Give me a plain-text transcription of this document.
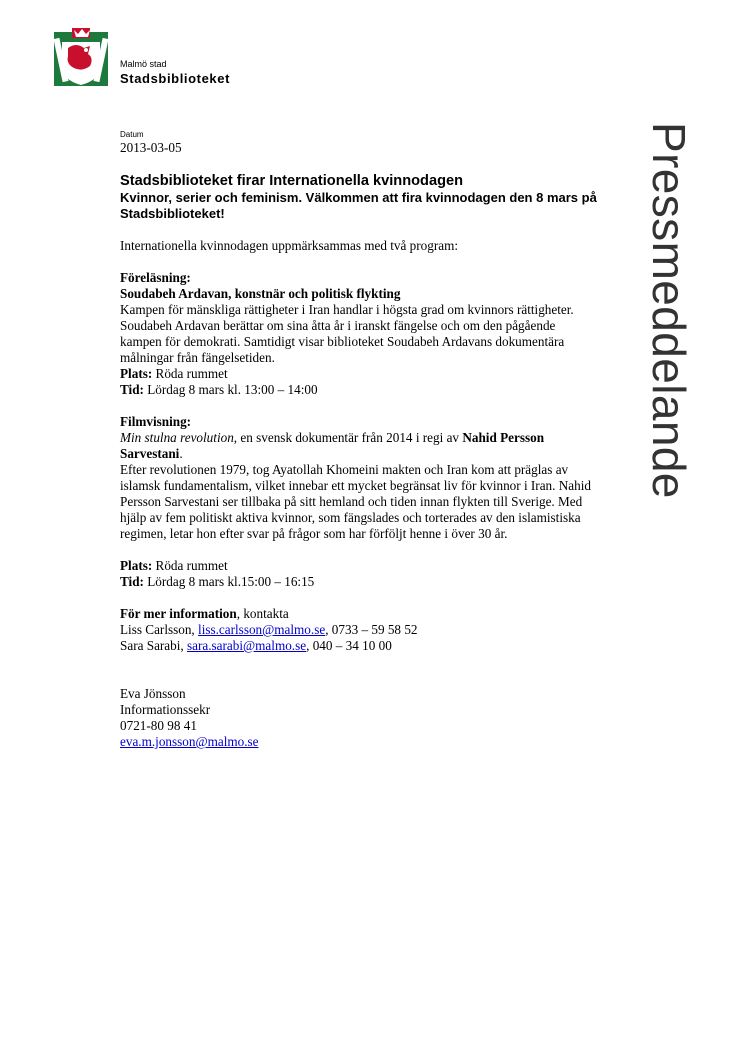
Malmö stad
Stadsbiblioteket
Pressmeddelande

Datum

2013-03-05

Stadsbiblioteket firar Internationella kvinnodagen

Kvinnor, serier och feminism. Välkommen att fira kvinnodagen den 8 mars på Stadsbiblioteket!

Internationella kvinnodagen uppmärksammas med två program:

Föreläsning:

Soudabeh Ardavan, konstnär och politisk flykting

Kampen för mänskliga rättigheter i Iran handlar i högsta grad om kvinnors rättigheter. Soudabeh Ardavan berättar om sina åtta år i iranskt fängelse och om den pågående kampen för demokrati. Samtidigt visar biblioteket Soudabeh Ardavans dokumentära målningar från fängelsetiden.

Plats: Röda rummet

Tid: Lördag 8 mars kl. 13:00 – 14:00

Filmvisning:

Min stulna revolution, en svensk dokumentär från 2014 i regi av Nahid Persson Sarvestani.

Efter revolutionen 1979, tog Ayatollah Khomeini makten och Iran kom att präglas av islamsk fundamentalism, vilket innebar ett mycket begränsat liv för kvinnor i Iran. Nahid Persson Sarvestani ser tillbaka på sitt hemland och tiden innan flykten till Sverige. Med hjälp av fem politiskt aktiva kvinnor, som fängslades och torterades av den islamistiska regimen, letar hon efter svar på frågor som har förföljt henne i över 30 år.

Plats: Röda rummet

Tid: Lördag 8 mars kl.15:00 – 16:15

För mer information, kontakta

Liss Carlsson, liss.carlsson@malmo.se, 0733 – 59 58 52

Sara Sarabi, sara.sarabi@malmo.se, 040 – 34 10 00

Eva Jönsson

Informationssekr

0721-80 98 41

eva.m.jonsson@malmo.se
